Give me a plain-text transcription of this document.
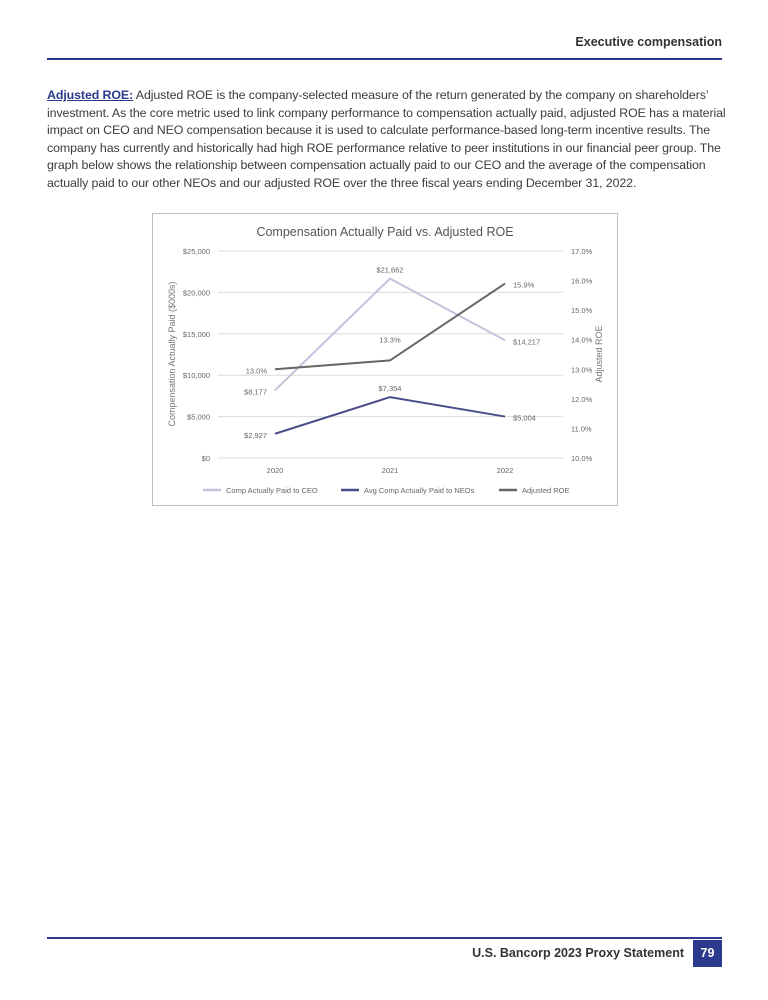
Executive compensation
Adjusted ROE: Adjusted ROE is the company-selected measure of the return generated by the company on shareholders’ investment. As the core metric used to link company performance to compensation actually paid, adjusted ROE has a material impact on CEO and NEO compensation because it is used to calculate performance-based long-term incentive results. The company has currently and historically had high ROE performance relative to peer institutions in our financial peer group. The graph below shows the relationship between compensation actually paid to our CEO and the average of the compensation actually paid to our other NEOs and our adjusted ROE over the three fiscal years ending December 31, 2022.
Compensation Actually Paid vs. Adjusted ROE
$0
$5,000
$10,000
$15,000
$20,000
$25,000
10.0%
11.0%
12.0%
13.0%
14.0%
15.0%
16.0%
17.0%
2020	2021	2022
Compensation Actually Paid ($000s)	Adjusted ROE
$8,177
$21,662
$14,217
$2,927
$7,354
$5,004
13.0%
13.3%
15.9%
Comp Actually Paid to CEO	Avg Comp Actually Paid to NEOs	Adjusted ROE
U.S. Bancorp 2023 Proxy Statement	79
